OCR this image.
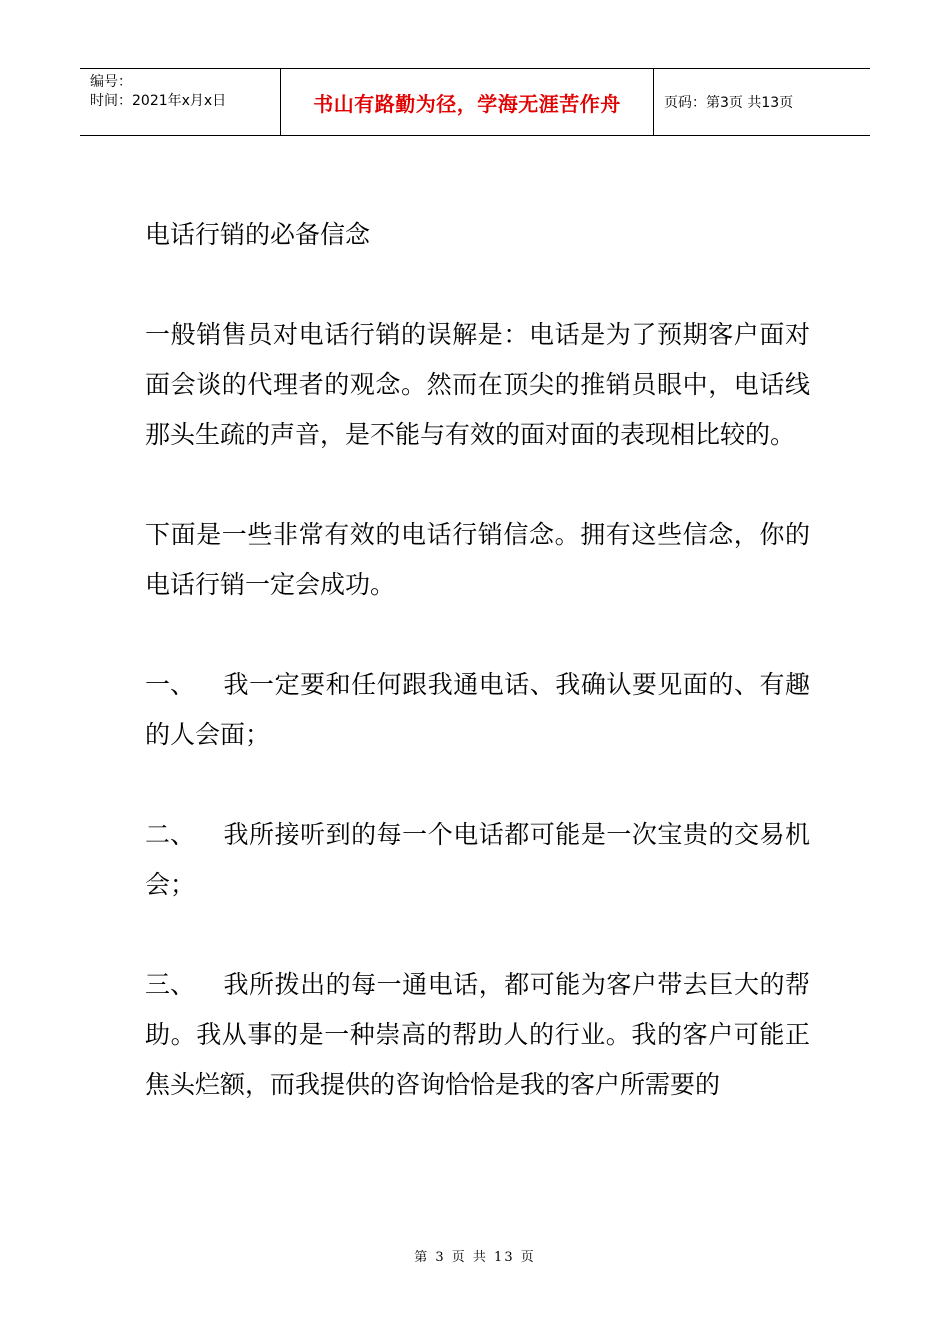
编号：
时间：2021年x月x日	书山有路勤为径，学海无涯苦作舟	页码：第3页 共13页

电话行销的必备信念

一般销售员对电话行销的误解是：电话是为了预期客户面对面会谈的代理者的观念。然而在顶尖的推销员眼中，电话线那头生疏的声音，是不能与有效的面对面的表现相比较的。

下面是一些非常有效的电话行销信念。拥有这些信念，你的电话行销一定会成功。

一、 我一定要和任何跟我通电话、我确认要见面的、有趣的人会面；

二、 我所接听到的每一个电话都可能是一次宝贵的交易机会；

三、 我所拨出的每一通电话，都可能为客户带去巨大的帮助。我从事的是一种崇高的帮助人的行业。我的客户可能正焦头烂额，而我提供的咨询恰恰是我的客户所需要的

第 3 页 共 13 页
